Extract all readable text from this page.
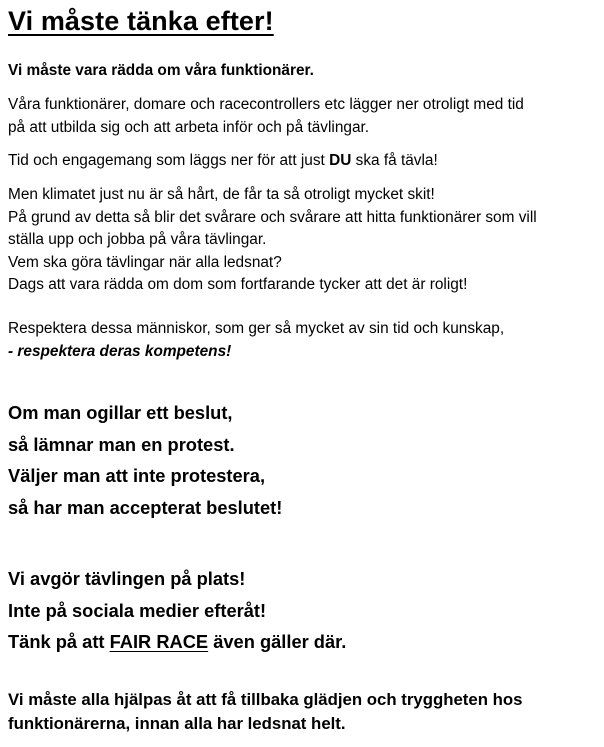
Vi måste tänka efter!

Vi måste vara rädda om våra funktionärer.

Våra funktionärer, domare och racecontrollers etc lägger ner otroligt med tid
på att utbilda sig och att arbeta inför och på tävlingar.

Tid och engagemang som läggs ner för att just DU ska få tävla!

Men klimatet just nu är så hårt, de får ta så otroligt mycket skit!
På grund av detta så blir det svårare och svårare att hitta funktionärer som vill
ställa upp och jobba på våra tävlingar.
Vem ska göra tävlingar när alla ledsnat?
Dags att vara rädda om dom som fortfarande tycker att det är roligt!

Respektera dessa människor, som ger så mycket av sin tid och kunskap,
- respektera deras kompetens!

Om man ogillar ett beslut,
så lämnar man en protest.
Väljer man att inte protestera,
så har man accepterat beslutet!

Vi avgör tävlingen på plats!
Inte på sociala medier efteråt!
Tänk på att FAIR RACE även gäller där.

Vi måste alla hjälpas åt att få tillbaka glädjen och tryggheten hos
funktionärerna, innan alla har ledsnat helt.
